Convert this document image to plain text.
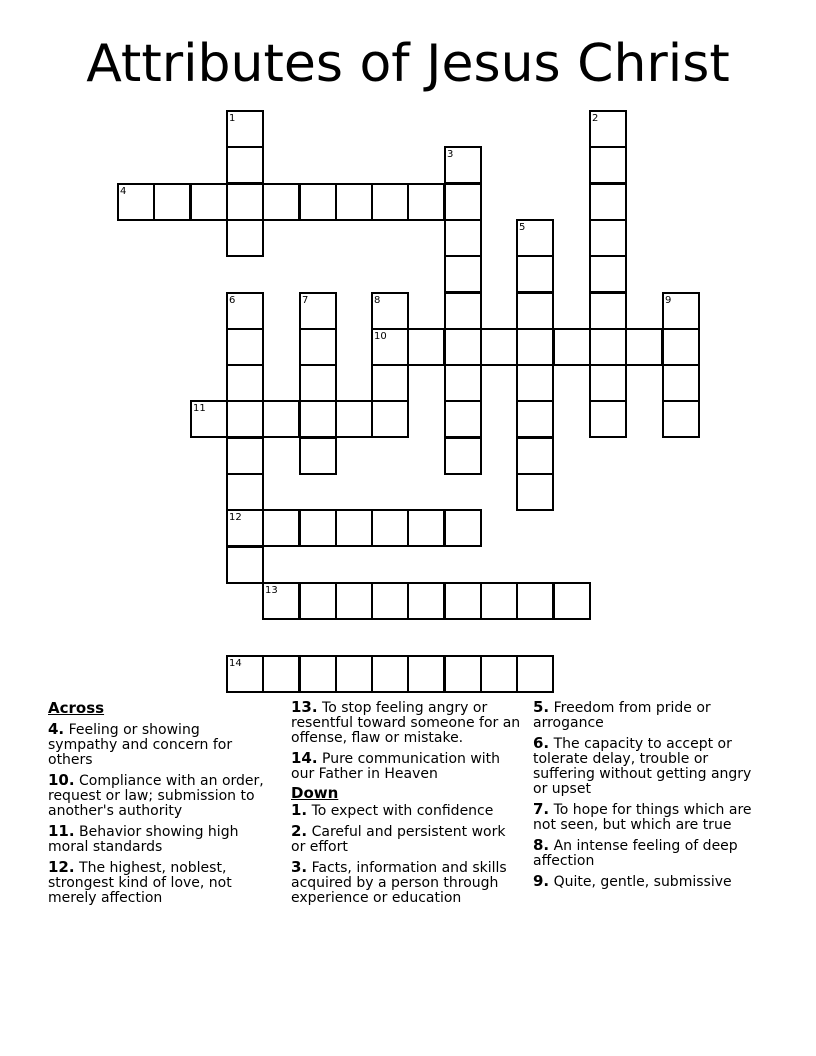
Attributes of Jesus Christ
1	2
3
4
5
6
12
7	8
10
9
11
13
14
Across
4. Feeling or showing sympathy and concern for others
10. Compliance with an order, request or law; submission to another's authority
11. Behavior showing high moral standards
12. The highest, noblest, strongest kind of love, not merely affection
13. To stop feeling angry or resentful toward someone for an offense, flaw or mistake.
14. Pure communication with our Father in Heaven
Down
1. To expect with confidence
2. Careful and persistent work or effort
3. Facts, information and skills acquired by a person through experience or education
5. Freedom from pride or arrogance
6. The capacity to accept or tolerate delay, trouble or suffering without getting angry or upset
7. To hope for things which are not seen, but which are true
8. An intense feeling of deep affection
9. Quite, gentle, submissive
